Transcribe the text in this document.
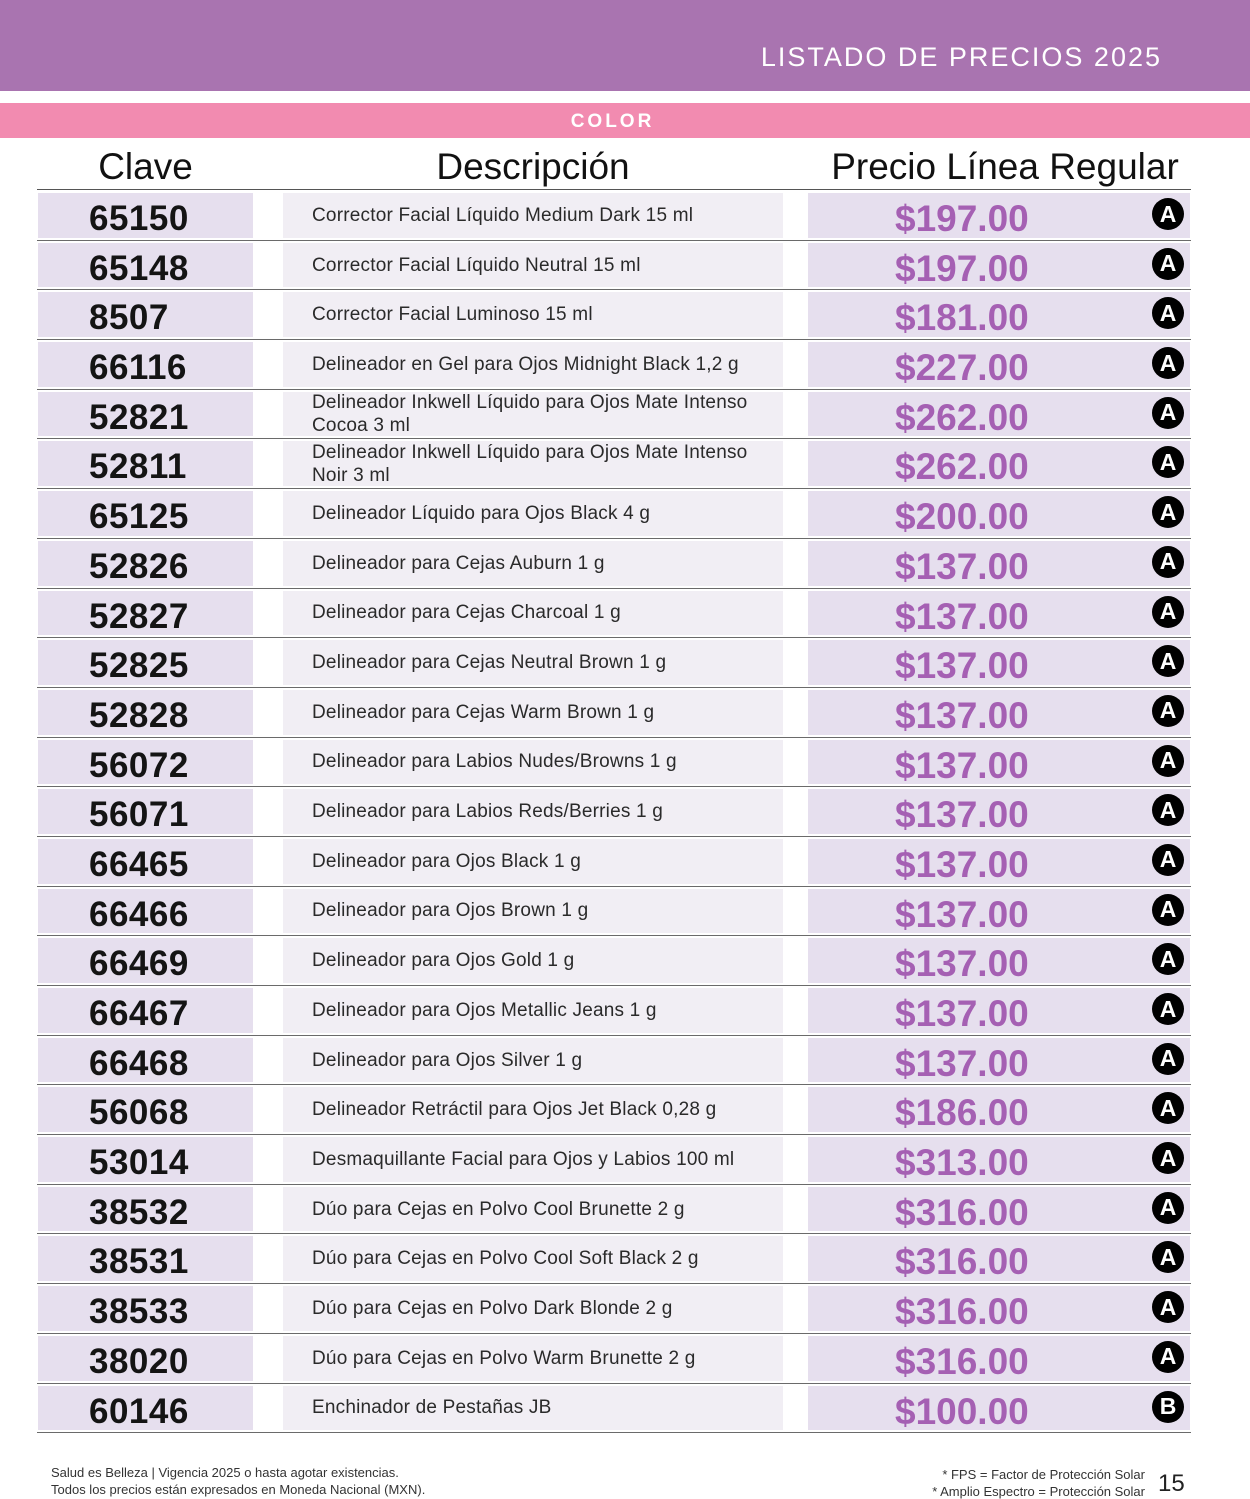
LISTADO DE PRECIOS 2025
COLOR
Clave	Descripción	Precio Línea Regular
65150	Corrector Facial Líquido Medium Dark 15 ml	$197.00	A
65148	Corrector Facial Líquido Neutral 15 ml	$197.00	A
8507	Corrector Facial Luminoso 15 ml	$181.00	A
66116	Delineador en Gel para Ojos Midnight Black 1,2 g	$227.00	A
52821	Delineador Inkwell Líquido para Ojos Mate Intenso Cocoa 3 ml	$262.00	A
52811	Delineador Inkwell Líquido para Ojos Mate Intenso Noir 3 ml	$262.00	A
65125	Delineador Líquido para Ojos Black 4 g	$200.00	A
52826	Delineador para Cejas Auburn 1 g	$137.00	A
52827	Delineador para Cejas Charcoal 1 g	$137.00	A
52825	Delineador para Cejas Neutral Brown 1 g	$137.00	A
52828	Delineador para Cejas Warm Brown 1 g	$137.00	A
56072	Delineador para Labios Nudes/Browns 1 g	$137.00	A
56071	Delineador para Labios Reds/Berries 1 g	$137.00	A
66465	Delineador para Ojos Black 1 g	$137.00	A
66466	Delineador para Ojos Brown 1 g	$137.00	A
66469	Delineador para Ojos Gold 1 g	$137.00	A
66467	Delineador para Ojos Metallic Jeans 1 g	$137.00	A
66468	Delineador para Ojos Silver 1 g	$137.00	A
56068	Delineador Retráctil para Ojos Jet Black 0,28 g	$186.00	A
53014	Desmaquillante Facial para Ojos y Labios 100 ml	$313.00	A
38532	Dúo para Cejas en Polvo Cool Brunette 2 g	$316.00	A
38531	Dúo para Cejas en Polvo Cool Soft Black 2 g	$316.00	A
38533	Dúo para Cejas en Polvo Dark Blonde 2 g	$316.00	A
38020	Dúo para Cejas en Polvo Warm Brunette 2 g	$316.00	A
60146	Enchinador de Pestañas JB	$100.00	B
Salud es Belleza | Vigencia 2025 o hasta agotar existencias.
Todos los precios están expresados en Moneda Nacional (MXN).
* FPS = Factor de Protección Solar
* Amplio Espectro = Protección Solar 15
